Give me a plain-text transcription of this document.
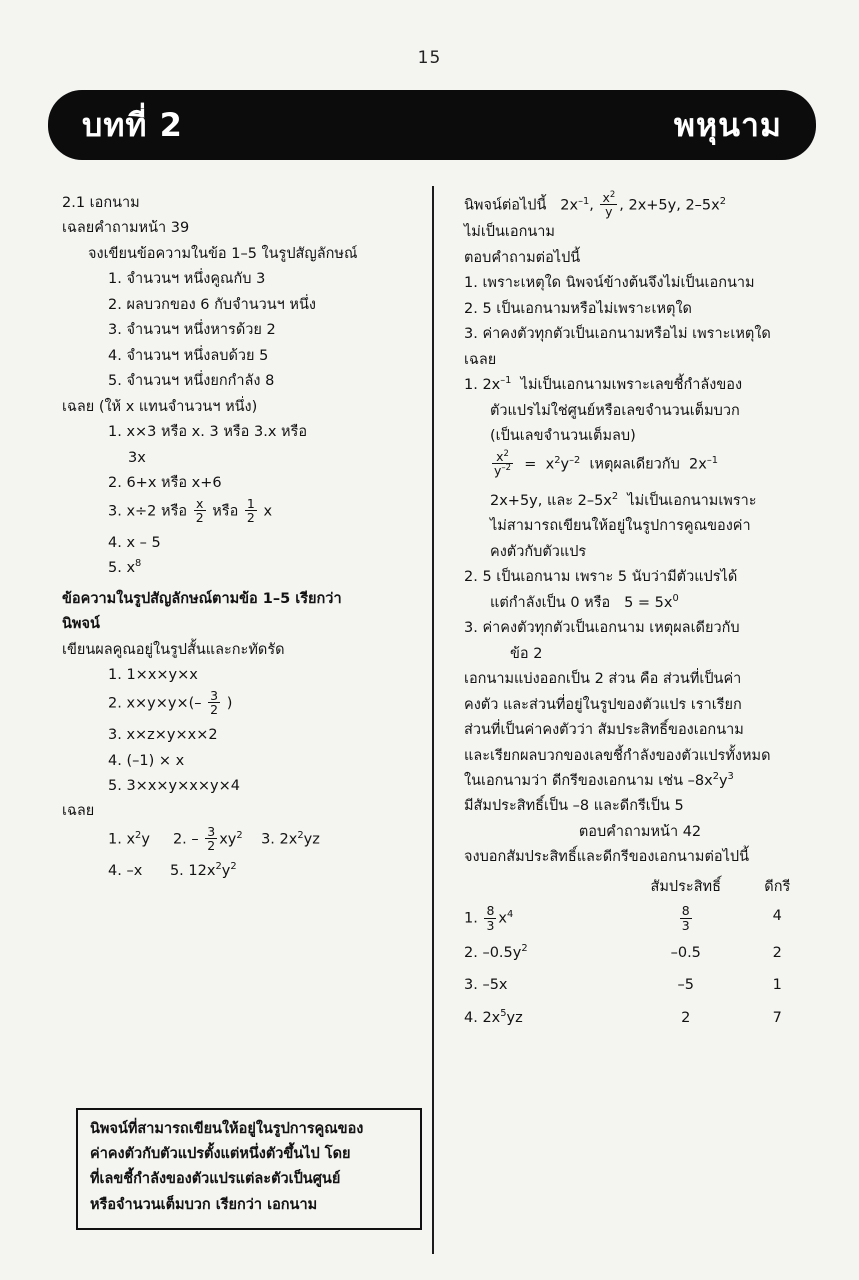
15
บทที่ 2	พหุนาม

2.1 เอกนาม

เฉลยคำถามหน้า 39

จงเขียนข้อความในข้อ 1–5 ในรูปสัญลักษณ์

1. จำนวนฯ หนึ่งคูณกับ 3

2. ผลบวกของ 6 กับจำนวนฯ หนึ่ง

3. จำนวนฯ หนึ่งหารด้วย 2

4. จำนวนฯ หนึ่งลบด้วย 5

5. จำนวนฯ หนึ่งยกกำลัง 8

เฉลย (ให้ x แทนจำนวนฯ หนึ่ง)

1. x×3 หรือ x. 3 หรือ 3.x หรือ

3x

2. 6+x หรือ x+6

3. x÷2 หรือ $\frac{x}{2}$ หรือ $\frac{1}{2}$ x

4. x – 5

5. $x^8$

ข้อความในรูปสัญลักษณ์ตามข้อ 1–5 เรียกว่า

นิพจน์

เขียนผลคูณอยู่ในรูปสั้นและกะทัดรัด

1. 1×x×y×x

2. $x\times y\times y\times(- \frac{3}{2}$ )

3. x×z×y×x×2

4. (–1) × x

5. 3×x×y×x×y×4

เฉลย

1. $x^2y$ 2. – $\frac{3}{2} xy^2$ 3. $2x^2yz$

4. –x 5. $12x^2y^2$

นิพจน์ที่สามารถเขียนให้อยู่ในรูปการคูณของ

ค่าคงตัวกับตัวแปรตั้งแต่หนึ่งตัวขึ้นไป โดย

ที่เลขชี้กำลังของตัวแปรแต่ละตัวเป็นศูนย์

หรือจำนวนเต็มบวก เรียกว่า เอกนาม

นิพจน์ต่อไปนี้ $2x^{-1}$, $\frac{x^2}{y}$ , 2x+5y, $2-5x^2$

ไม่เป็นเอกนาม

ตอบคำถามต่อไปนี้

1. เพราะเหตุใด นิพจน์ข้างต้นจึงไม่เป็นเอกนาม

2. 5 เป็นเอกนามหรือไม่เพราะเหตุใด

3. ค่าคงตัวทุกตัวเป็นเอกนามหรือไม่ เพราะเหตุใด

เฉลย

1. $2x^{-1}$ ไม่เป็นเอกนามเพราะเลขชี้กำลังของ

ตัวแปรไม่ใช่ศูนย์หรือเลขจำนวนเต็มบวก

(เป็นเลขจำนวนเต็มลบ)

$\frac{x^2}{y^{-2}} = x^2y^{-2}$ เหตุผลเดียวกับ $2x^{-1}$

2x+5y, และ $2-5x^2$ ไม่เป็นเอกนามเพราะ

ไม่สามารถเขียนให้อยู่ในรูปการคูณของค่า

คงตัวกับตัวแปร

2. 5 เป็นเอกนาม เพราะ 5 นับว่ามีตัวแปรได้

แต่กำลังเป็น 0 หรือ $5 = 5x^0$

3. ค่าคงตัวทุกตัวเป็นเอกนาม เหตุผลเดียวกับ

ข้อ 2

เอกนามแบ่งออกเป็น 2 ส่วน คือ ส่วนที่เป็นค่า

คงตัว และส่วนที่อยู่ในรูปของตัวแปร เราเรียก

ส่วนที่เป็นค่าคงตัวว่า สัมประสิทธิ์ของเอกนาม

และเรียกผลบวกของเลขชี้กำลังของตัวแปรทั้งหมด

ในเอกนามว่า ดีกรีของเอกนาม เช่น $-8x^2y^3$

มีสัมประสิทธิ์เป็น –8 และดีกรีเป็น 5

ตอบคำถามหน้า 42

จงบอกสัมประสิทธิ์และดีกรีของเอกนามต่อไปนี้

	สัมประสิทธิ์	ดีกรี
1. $\frac{8}{3} x^4$	$\frac{8}{3}$	4
2. $-0.5y^2$	–0.5	2
3. –5x	–5	1
4. $2x^5yz$	2	7
